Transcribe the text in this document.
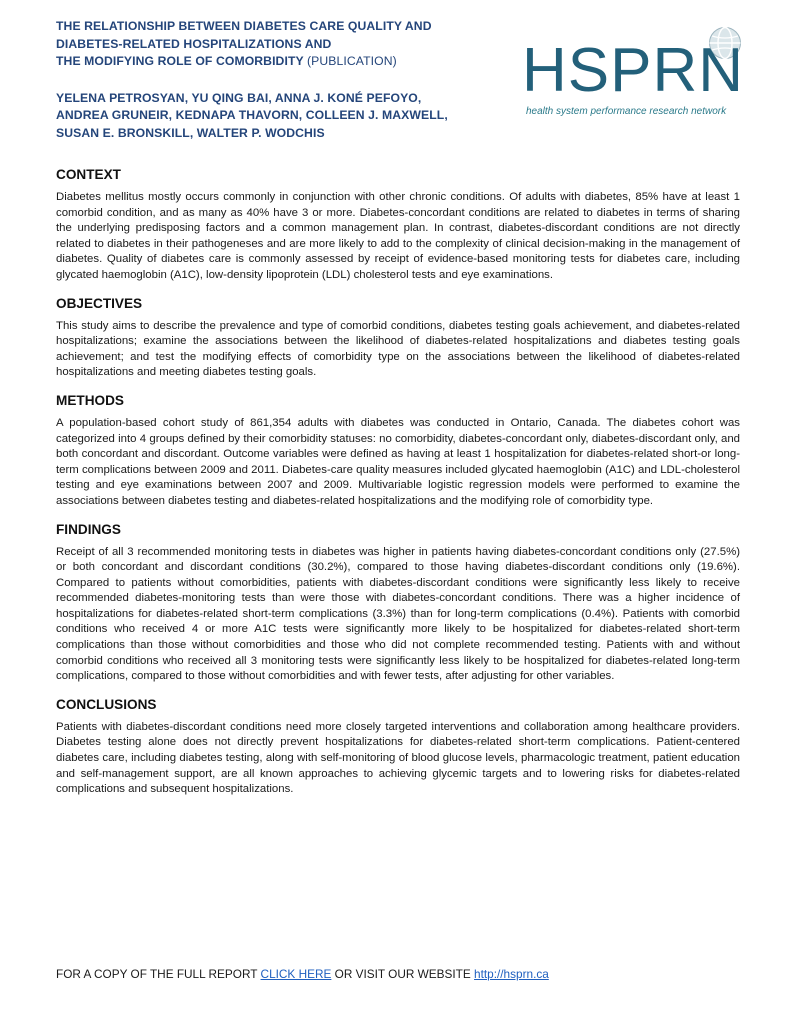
THE RELATIONSHIP BETWEEN DIABETES CARE QUALITY AND
DIABETES-RELATED HOSPITALIZATIONS AND
THE MODIFYING ROLE OF COMORBIDITY (PUBLICATION)
YELENA PETROSYAN, YU QING BAI, ANNA J. KONÉ PEFOYO,
ANDREA GRUNEIR, KEDNAPA THAVORN, COLLEEN J. MAXWELL,
SUSAN E. BRONSKILL, WALTER P. WODCHIS
HSPRN
health system performance research network
CONTEXT

Diabetes mellitus mostly occurs commonly in conjunction with other chronic conditions. Of adults with diabetes, 85% have at least 1 comorbid condition, and as many as 40% have 3 or more. Diabetes-concordant conditions are related to diabetes in terms of sharing the underlying predisposing factors and a common management plan. In contrast, diabetes-discordant conditions are not directly related to diabetes in their pathogeneses and are more likely to add to the complexity of clinical decision-making in the management of diabetes. Quality of diabetes care is commonly assessed by receipt of evidence-based monitoring tests for diabetes care, including glycated haemoglobin (A1C), low-density lipoprotein (LDL) cholesterol tests and eye examinations.

OBJECTIVES

This study aims to describe the prevalence and type of comorbid conditions, diabetes testing goals achievement, and diabetes-related hospitalizations; examine the associations between the likelihood of diabetes-related hospitalizations and diabetes testing goals achievement; and test the modifying effects of comorbidity type on the associations between the likelihood of diabetes-related hospitalizations and meeting diabetes testing goals.

METHODS

A population-based cohort study of 861,354 adults with diabetes was conducted in Ontario, Canada. The diabetes cohort was categorized into 4 groups defined by their comorbidity statuses: no comorbidity, diabetes-concordant only, diabetes-discordant only, and both concordant and discordant. Outcome variables were defined as having at least 1 hospitalization for diabetes-related short-or long-term complications between 2009 and 2011. Diabetes-care quality measures included glycated haemoglobin (A1C) and LDL-cholesterol testing and eye examinations between 2007 and 2009. Multivariable logistic regression models were performed to examine the associations between diabetes testing and diabetes-related hospitalizations and the modifying role of comorbidity type.

FINDINGS

Receipt of all 3 recommended monitoring tests in diabetes was higher in patients having diabetes-concordant conditions only (27.5%) or both concordant and discordant conditions (30.2%), compared to those having diabetes-discordant conditions only (19.6%). Compared to patients without comorbidities, patients with diabetes-discordant conditions were significantly less likely to receive recommended diabetes-monitoring tests than were those with diabetes-concordant conditions. There was a higher incidence of hospitalizations for diabetes-related short-term complications (3.3%) than for long-term complications (0.4%). Patients with comorbid conditions who received 4 or more A1C tests were significantly more likely to be hospitalized for diabetes-related short-term complications than those without comorbidities and those who did not complete recommended testing. Patients with and without comorbid conditions who received all 3 monitoring tests were significantly less likely to be hospitalized for diabetes-related long-term complications, compared to those without comorbidities and with fewer tests, after adjusting for other variables.

CONCLUSIONS

Patients with diabetes-discordant conditions need more closely targeted interventions and collaboration among healthcare providers. Diabetes testing alone does not directly prevent hospitalizations for diabetes-related short-term complications. Patient-centered diabetes care, including diabetes testing, along with self-monitoring of blood glucose levels, pharmacologic treatment, patient education and self-management support, are all known approaches to achieving glycemic targets and to lowering risks for diabetes-related complications and subsequent hospitalizations.

FOR A COPY OF THE FULL REPORT CLICK HERE OR VISIT OUR WEBSITE http://hsprn.ca
